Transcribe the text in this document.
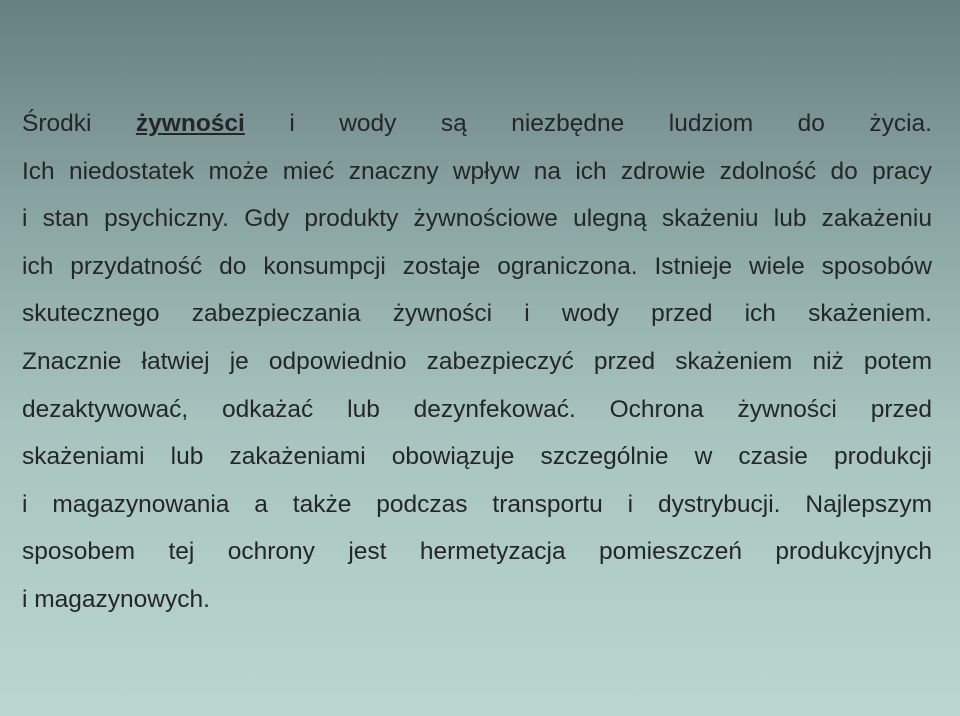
Środki żywności i wody są niezbędne ludziom do życia.
Ich niedostatek może mieć znaczny wpływ na ich zdrowie zdolność do pracy
i stan psychiczny. Gdy produkty żywnościowe ulegną skażeniu lub zakażeniu
ich przydatność do konsumpcji zostaje ograniczona. Istnieje wiele sposobów
skutecznego zabezpieczania żywności i wody przed ich skażeniem.
Znacznie łatwiej je odpowiednio zabezpieczyć przed skażeniem niż potem
dezaktywować, odkażać lub dezynfekować. Ochrona żywności przed
skażeniami lub zakażeniami obowiązuje szczególnie w czasie produkcji
i magazynowania a także podczas transportu i dystrybucji. Najlepszym
sposobem tej ochrony jest hermetyzacja pomieszczeń produkcyjnych
i magazynowych.
